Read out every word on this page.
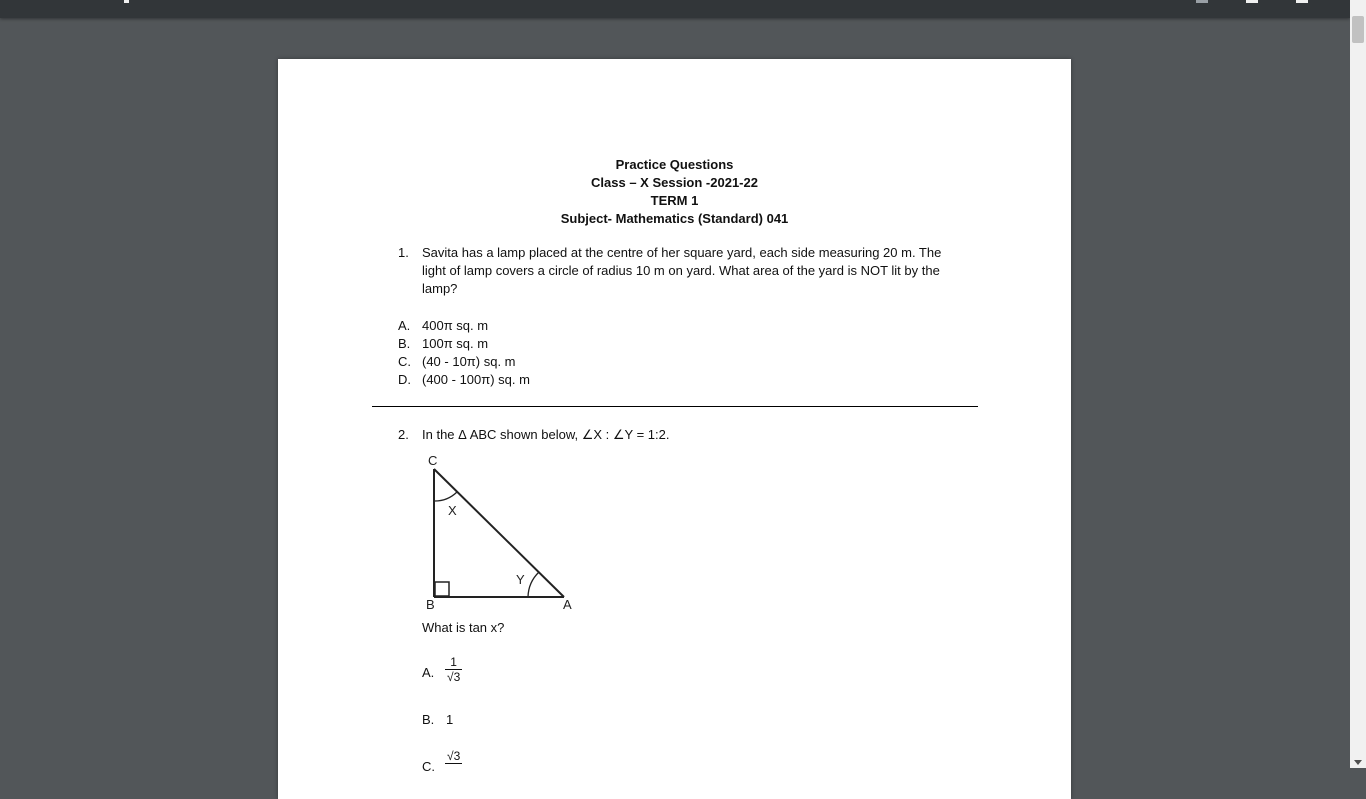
Practice Questions
Class – X Session -2021-22
TERM 1
Subject- Mathematics (Standard) 041
1. Savita has a lamp placed at the centre of her square yard, each side measuring 20 m. The light of lamp covers a circle of radius 10 m on yard. What area of the yard is NOT lit by the lamp?
A. 400π sq. m
B. 100π sq. m
C. (40 - 10π) sq. m
D. (400 - 100π) sq. m
2. In the Δ ABC shown below, ∠X : ∠Y = 1:2.
C
B	A
X
Y
What is tan x?
A. $\frac{1}{√3}$
B. 1
C.
√3
